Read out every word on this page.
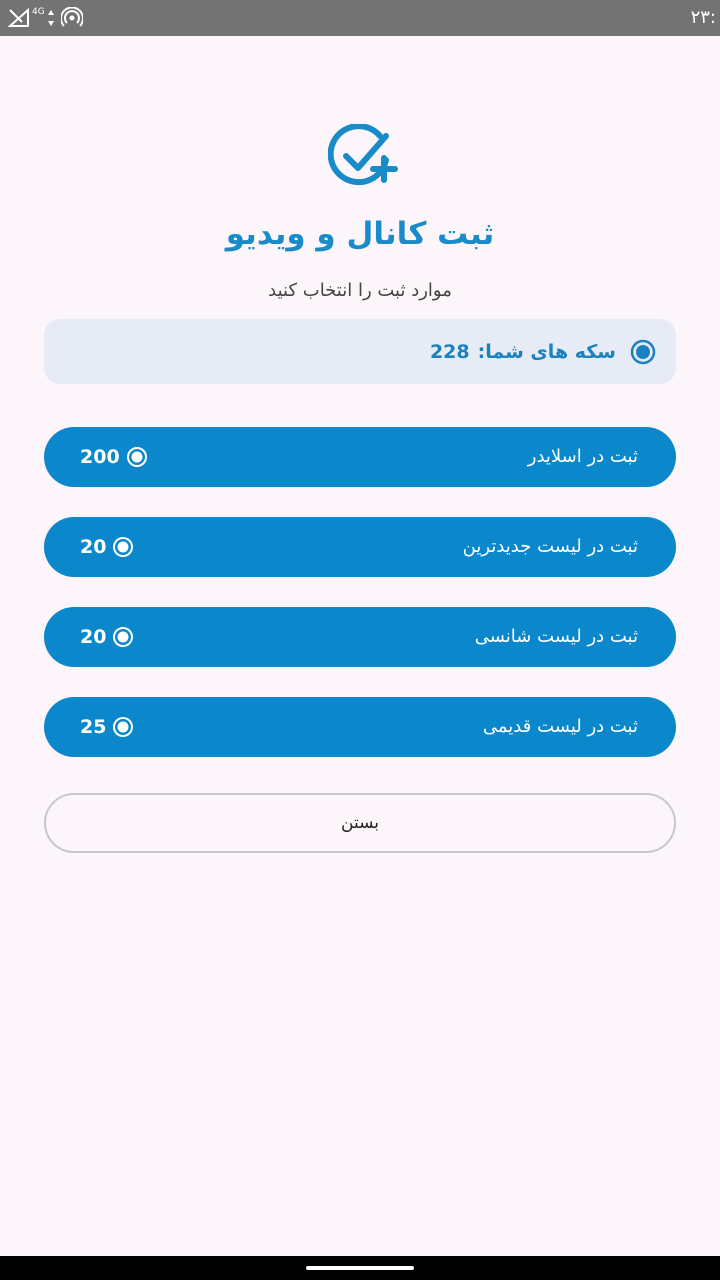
4G	۲۳:
ثبت کانال و ویدیو
موارد ثبت را انتخاب کنید
سکه های شما:
228
ثبت در اسلایدر
200
ثبت در لیست جدیدترین
20
ثبت در لیست شانسی
20
ثبت در لیست قدیمی
25
بستن
